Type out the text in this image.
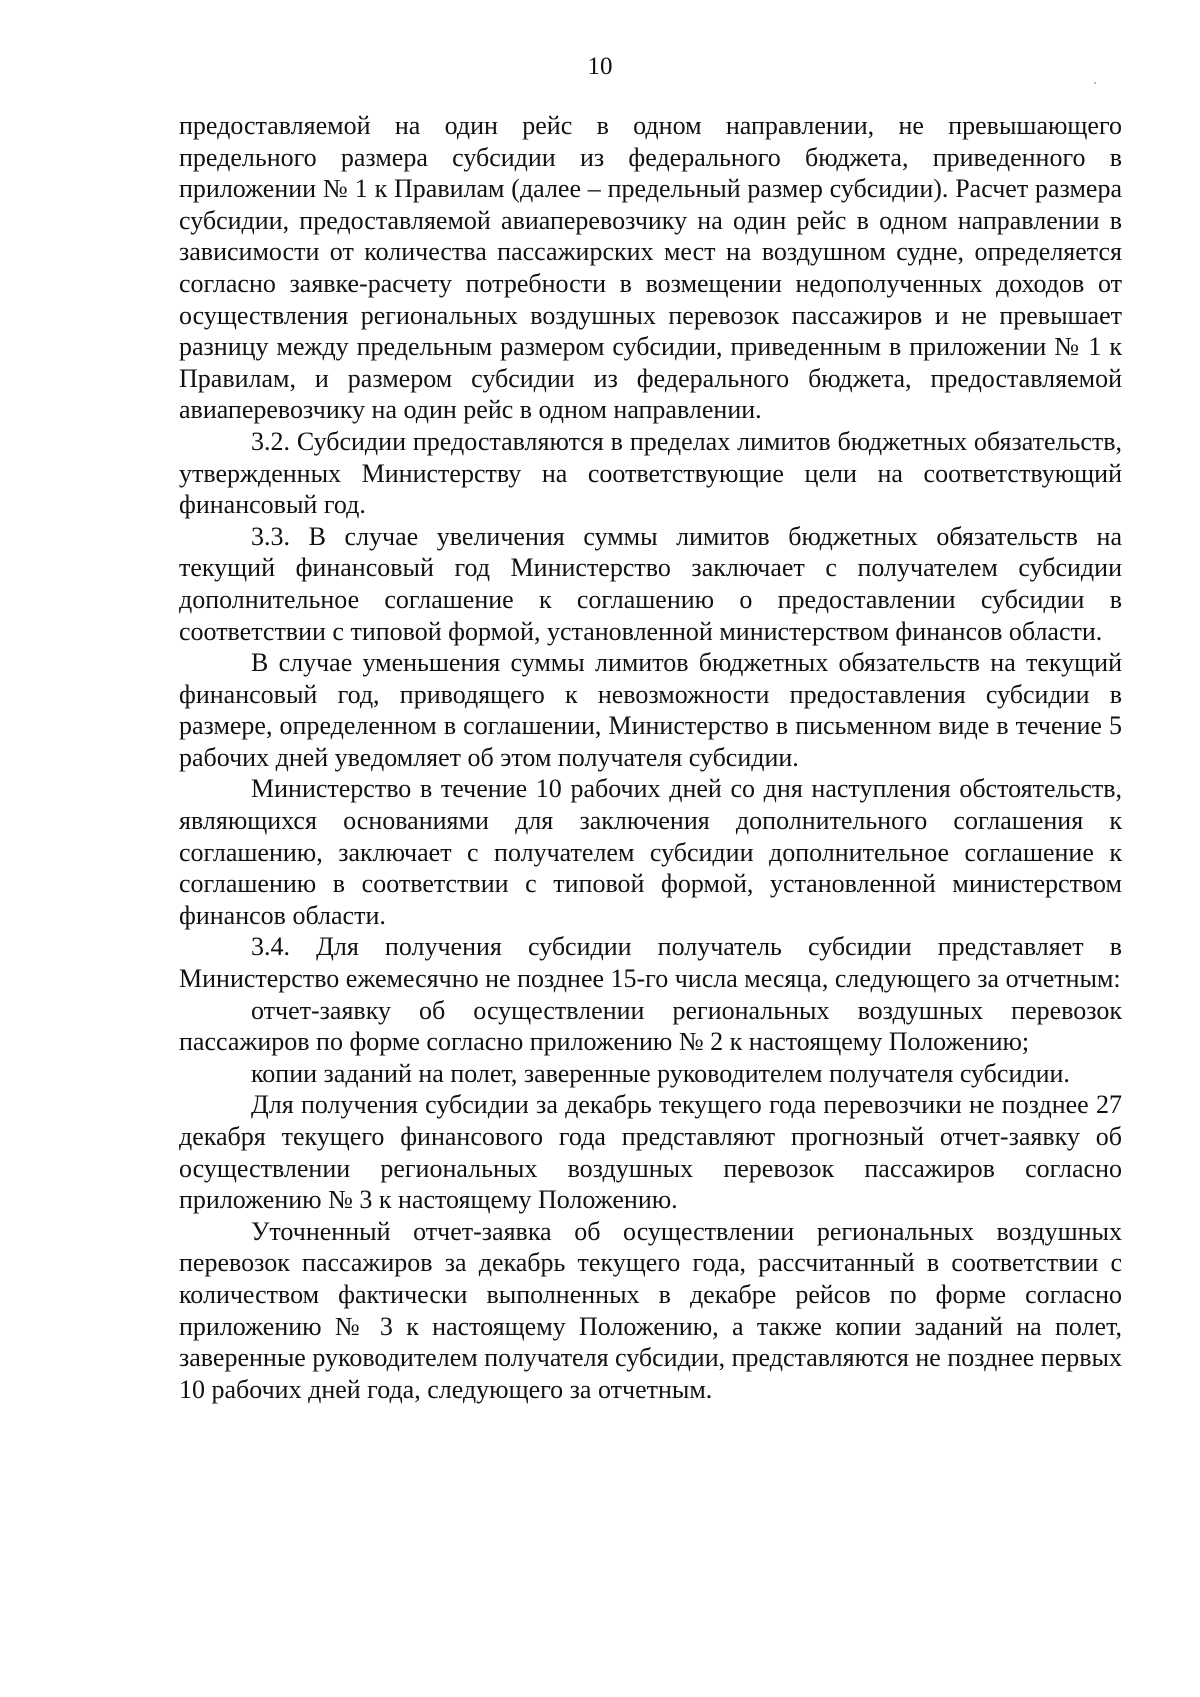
10

предоставляемой на один рейс в одном направлении, не превышающего предельного размера субсидии из федерального бюджета, приведенного в приложении № 1 к Правилам (далее – предельный размер субсидии). Расчет размера субсидии, предоставляемой авиаперевозчику на один рейс в одном направлении в зависимости от количества пассажирских мест на воздушном судне, определяется согласно заявке-расчету потребности в возмещении недополученных доходов от осуществления региональных воздушных перевозок пассажиров и не превышает разницу между предельным размером субсидии, приведенным в приложении № 1 к Правилам, и размером субсидии из федерального бюджета, предоставляемой авиаперевозчику на один рейс в одном направлении.

3.2. Субсидии предоставляются в пределах лимитов бюджетных обязательств, утвержденных Министерству на соответствующие цели на соответствующий финансовый год.

3.3. В случае увеличения суммы лимитов бюджетных обязательств на текущий финансовый год Министерство заключает с получателем субсидии дополнительное соглашение к соглашению о предоставлении субсидии в соответствии с типовой формой, установленной министерством финансов области.

В случае уменьшения суммы лимитов бюджетных обязательств на текущий финансовый год, приводящего к невозможности предоставления субсидии в размере, определенном в соглашении, Министерство в письменном виде в течение 5 рабочих дней уведомляет об этом получателя субсидии.

Министерство в течение 10 рабочих дней со дня наступления обстоятельств, являющихся основаниями для заключения дополнительного соглашения к соглашению, заключает с получателем субсидии дополнительное соглашение к соглашению в соответствии с типовой формой, установленной министерством финансов области.

3.4. Для получения субсидии получатель субсидии представляет в Министерство ежемесячно не позднее 15-го числа месяца, следующего за отчетным:

отчет-заявку об осуществлении региональных воздушных перевозок пассажиров по форме согласно приложению № 2 к настоящему Положению;

копии заданий на полет, заверенные руководителем получателя субсидии.

Для получения субсидии за декабрь текущего года перевозчики не позднее 27 декабря текущего финансового года представляют прогнозный отчет-заявку об осуществлении региональных воздушных перевозок пассажиров согласно приложению № 3 к настоящему Положению.

Уточненный отчет-заявка об осуществлении региональных воздушных перевозок пассажиров за декабрь текущего года, рассчитанный в соответствии с количеством фактически выполненных в декабре рейсов по форме согласно приложению № 3 к настоящему Положению, а также копии заданий на полет, заверенные руководителем получателя субсидии, представляются не позднее первых 10 рабочих дней года, следующего за отчетным.
